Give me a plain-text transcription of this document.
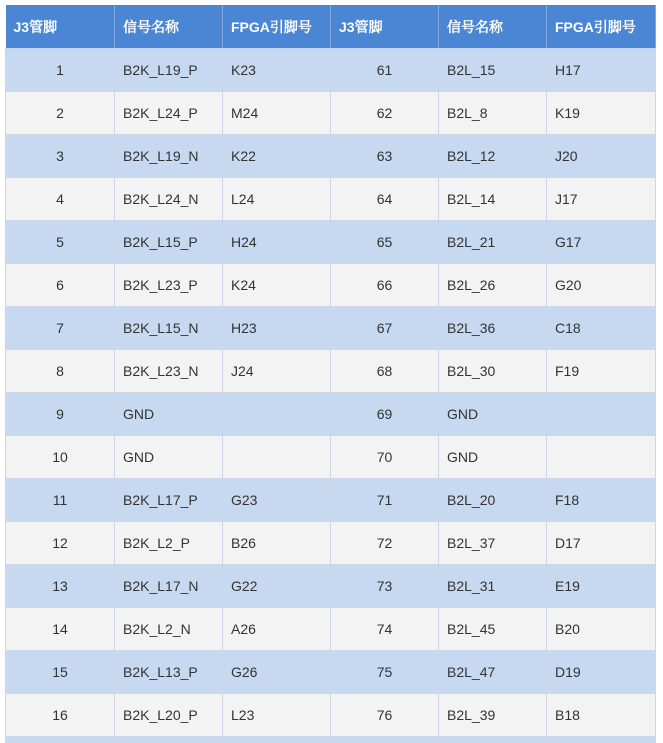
J3管脚	信号名称	FPGA引脚号	J3管脚	信号名称	FPGA引脚号
1	B2K_L19_P	K23	61	B2L_15	H17
2	B2K_L24_P	M24	62	B2L_8	K19
3	B2K_L19_N	K22	63	B2L_12	J20
4	B2K_L24_N	L24	64	B2L_14	J17
5	B2K_L15_P	H24	65	B2L_21	G17
6	B2K_L23_P	K24	66	B2L_26	G20
7	B2K_L15_N	H23	67	B2L_36	C18
8	B2K_L23_N	J24	68	B2L_30	F19
9	GND		69	GND	
10	GND		70	GND	
11	B2K_L17_P	G23	71	B2L_20	F18
12	B2K_L2_P	B26	72	B2L_37	D17
13	B2K_L17_N	G22	73	B2L_31	E19
14	B2K_L2_N	A26	74	B2L_45	B20
15	B2K_L13_P	G26	75	B2L_47	D19
16	B2K_L20_P	L23	76	B2L_39	B18
